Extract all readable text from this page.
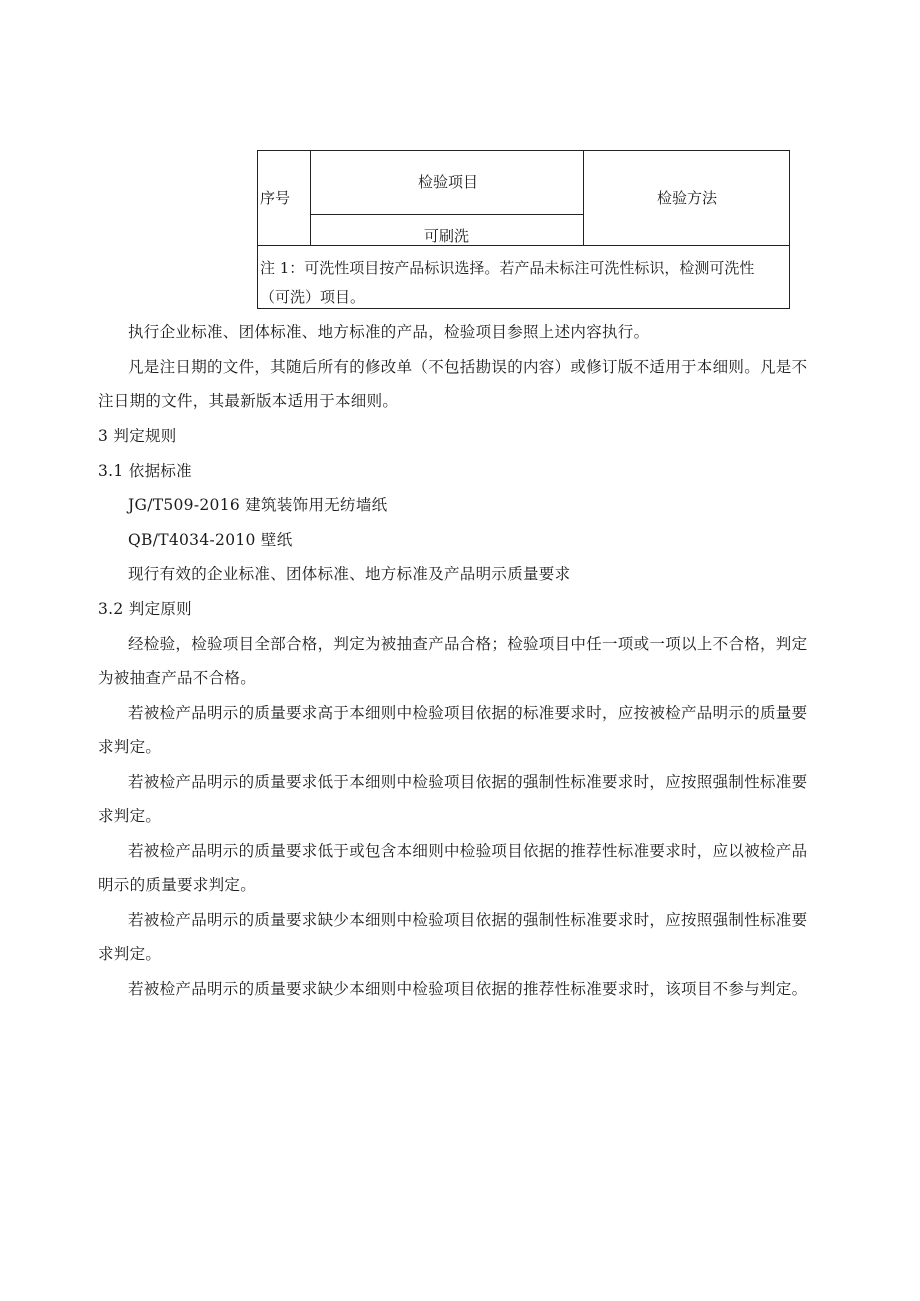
序号
检验项目
检验方法
可刷洗
注 1：可洗性项目按产品标识选择。若产品未标注可洗性标识，检测可洗性
（可洗）项目。
执行企业标准、团体标准、地方标准的产品，检验项目参照上述内容执行。
凡是注日期的文件，其随后所有的修改单（不包括勘误的内容）或修订版不适用于本细则。凡是不
注日期的文件，其最新版本适用于本细则。
3 判定规则
3.1 依据标准
JG/T509-2016 建筑装饰用无纺墙纸
QB/T4034-2010 壁纸
现行有效的企业标准、团体标准、地方标准及产品明示质量要求
3.2 判定原则
经检验，检验项目全部合格，判定为被抽查产品合格；检验项目中任一项或一项以上不合格，判定
为被抽查产品不合格。
若被检产品明示的质量要求高于本细则中检验项目依据的标准要求时，应按被检产品明示的质量要
求判定。
若被检产品明示的质量要求低于本细则中检验项目依据的强制性标准要求时，应按照强制性标准要
求判定。
若被检产品明示的质量要求低于或包含本细则中检验项目依据的推荐性标准要求时，应以被检产品
明示的质量要求判定。
若被检产品明示的质量要求缺少本细则中检验项目依据的强制性标准要求时，应按照强制性标准要
求判定。
若被检产品明示的质量要求缺少本细则中检验项目依据的推荐性标准要求时，该项目不参与判定。
